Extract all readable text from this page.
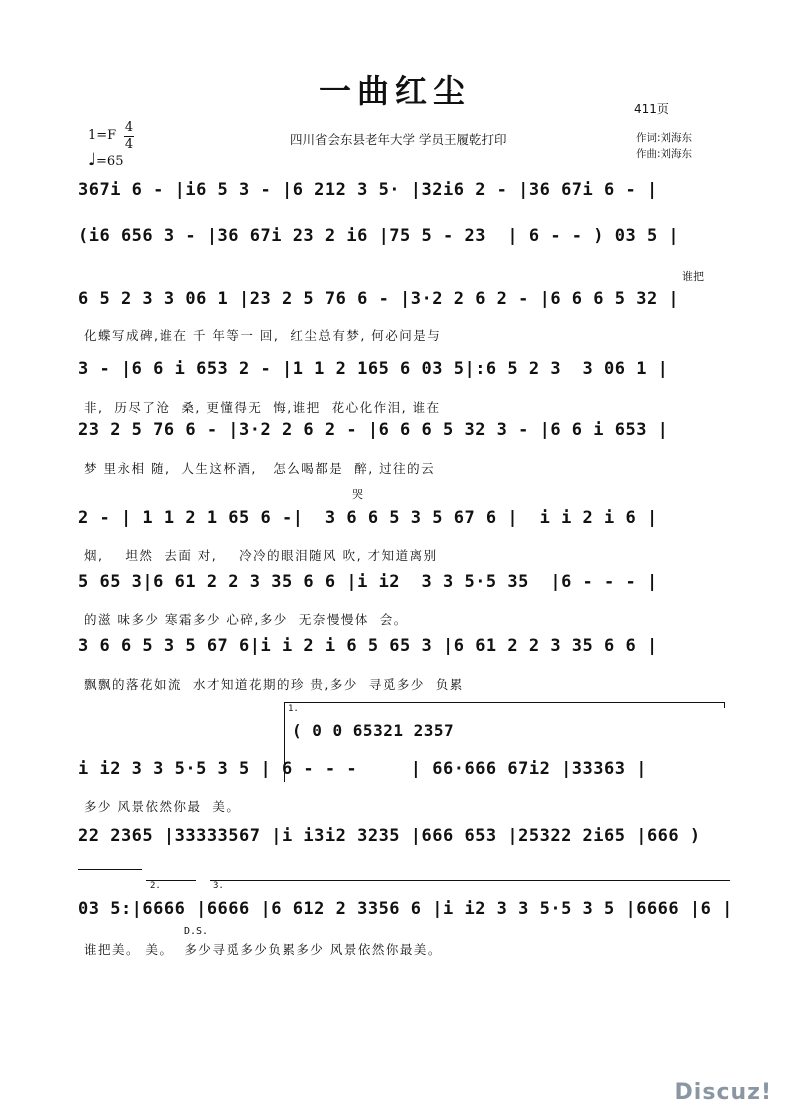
一曲红尘	411页
1=F
4
4
♩=65
四川省会东县老年大学 学员王履乾打印	作词:刘海东
作曲:刘海东
367i 6 - |i6 5 3 - |6 212 3 5· |32i6 2 - |36 67i 6 - |
(i6 656 3 - |36 67i 23 2 i6 |75 5 - 23  | 6 - - ) 03 5 |
谁把
6 5 2 3 3 06 1 |23 2 5 76 6 - |3·2 2 6 2 - |6 6 6 5 32 |
化蝶写成碑,谁在 千 年等一 回,  红尘总有梦, 何必问是与
3 - |6 6 i 653 2 - |1 1 2 165 6 03 5|:6 5 2 3  3 06 1 |
非,  历尽了沧  桑, 更懂得无  悔,谁把  花心化作泪, 谁在
23 2 5 76 6 - |3·2 2 6 2 - |6 6 6 5 32 3 - |6 6 i 653 |
梦 里永相 随,  人生这杯酒,   怎么喝都是  醉, 过往的云
哭
2 - | 1 1 2 1 65 6 -|  3 6 6 5 3 5 67 6 |  i i 2 i 6 |
烟,    坦然  去面 对,    冷冷的眼泪随风 吹, 才知道离别
5 65 3|6 61 2 2 3 35 6 6 |i i2  3 3 5·5 35  |6 - - - |
的滋 味多少 寒霜多少 心碎,多少  无奈慢慢体  会。
3 6 6 5 3 5 67 6|i i 2 i 6 5 65 3 |6 61 2 2 3 35 6 6 |
飘飘的落花如流  水才知道花期的珍 贵,多少  寻觅多少  负累
1.
( 0 0 65321 2357
i i2 3 3 5·5 3 5 | 6 - - -     | 66·666 67i2 |33363 |
多少 风景依然你最  美。
22 2365 |33333567 |i i3i2 3235 |666 653 |25322 2i65 |666 )
2.	3.
03 5:|6666 |6666 |6 612 2 3356 6 |i i2 3 3 5·5 3 5 |6666 |6 |
D.S.
谁把美。 美。  多少寻觅多少负累多少 风景依然你最美。
Discuz!
